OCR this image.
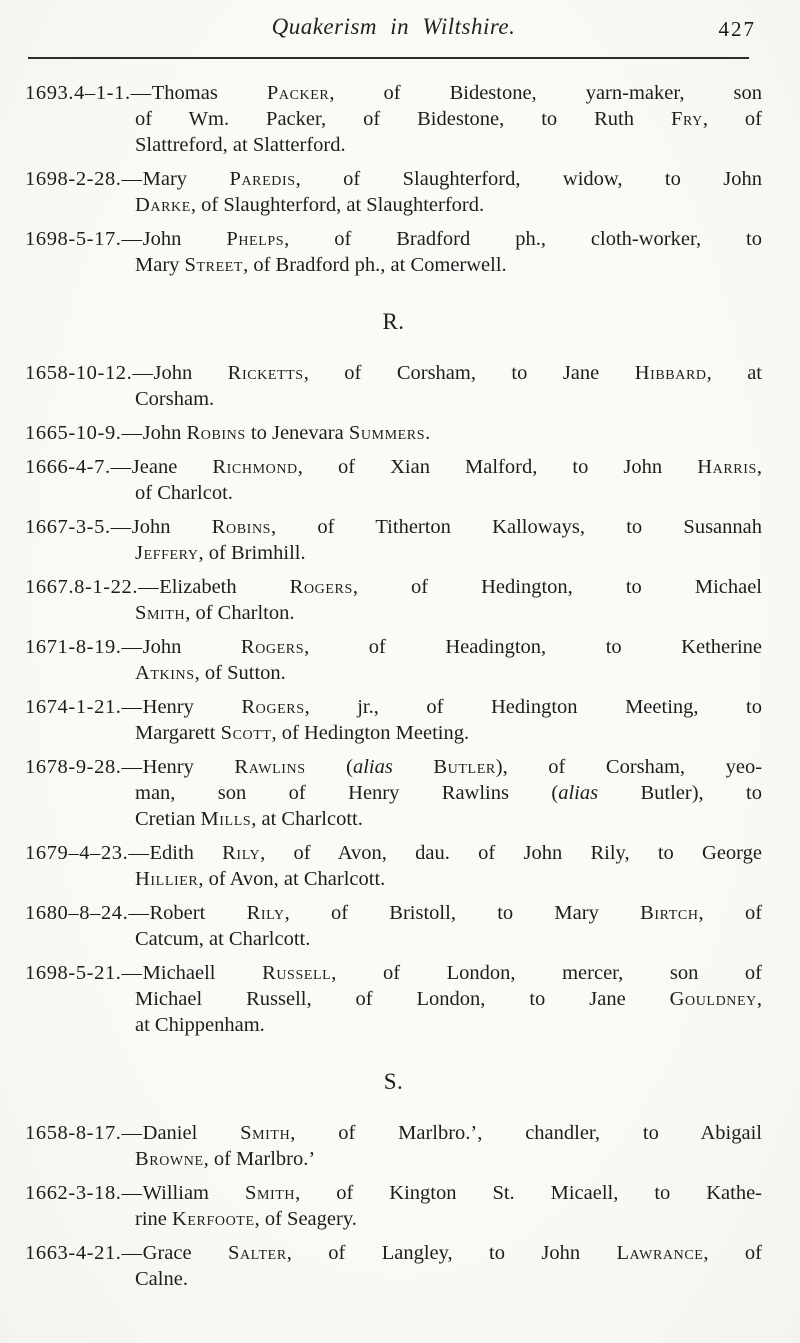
Quakerism in Wiltshire.	427
1693.4–1-1.—Thomas Packer, of Bidestone, yarn-maker, son
of Wm. Packer, of Bidestone, to Ruth Fry, of
Slattreford, at Slatterford.
1698-2-28.—Mary Paredis, of Slaughterford, widow, to John
Darke, of Slaughterford, at Slaughterford.
1698-5-17.—John Phelps, of Bradford ph., cloth-worker, to
Mary Street, of Bradford ph., at Comerwell.
R.
1658-10-12.—John Ricketts, of Corsham, to Jane Hibbard, at
Corsham.
1665-10-9.—John Robins to Jenevara Summers.
1666-4-7.—Jeane Richmond, of Xian Malford, to John Harris,
of Charlcot.
1667-3-5.—John Robins, of Titherton Kalloways, to Susannah
Jeffery, of Brimhill.
1667.8-1-22.—Elizabeth Rogers, of Hedington, to Michael
Smith, of Charlton.
1671-8-19.—John Rogers, of Headington, to Ketherine
Atkins, of Sutton.
1674-1-21.—Henry Rogers, jr., of Hedington Meeting, to
Margarett Scott, of Hedington Meeting.
1678-9-28.—Henry Rawlins (alias Butler), of Corsham, yeo-
man, son of Henry Rawlins (alias Butler), to
Cretian Mills, at Charlcott.
1679–4–23.—Edith Rily, of Avon, dau. of John Rily, to George
Hillier, of Avon, at Charlcott.
1680–8–24.—Robert Rily, of Bristoll, to Mary Birtch, of
Catcum, at Charlcott.
1698-5-21.—Michaell Russell, of London, mercer, son of
Michael Russell, of London, to Jane Gouldney,
at Chippenham.
S.
1658-8-17.—Daniel Smith, of Marlbro.’, chandler, to Abigail
Browne, of Marlbro.’
1662-3-18.—William Smith, of Kington St. Micaell, to Kathe-
rine Kerfoote, of Seagery.
1663-4-21.—Grace Salter, of Langley, to John Lawrance, of
Calne.
